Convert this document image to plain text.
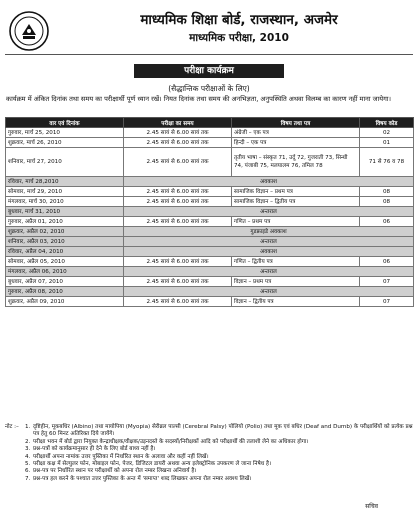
माध्यमिक शिक्षा बोर्ड, राजस्थान, अजमेर
माध्यमिक परीक्षा, 2010
परीक्षा कार्यक्रम
(सैद्धान्तिक परीक्षाओं के लिए)
कार्यक्रम में अंकित दिनांक तथा समय का परीक्षार्थी पूर्ण ध्यान रखें। नियत दिनांक तथा समय की अनभिज्ञता, अनुपस्थिति अथवा विलम्ब का कारण नहीं माना जायेगा।
वार एवं दिनांक	परीक्षा का समय	विषय तथा पत्र	विषय कोड
गुरुवार, मार्च 25, 2010	2.45 सायं से 6.00 सायं तक	अंग्रेजी – एक पत्र	02
शुक्रवार, मार्च 26, 2010	2.45 सायं से 6.00 सायं तक	हिन्दी – एक पत्र	01
शनिवार, मार्च 27, 2010	2.45 सायं से 6.00 सायं तक	तृतीय भाषा – संस्कृत 71, उर्दू 72, गुजराती 73, सिन्धी 74, पंजाबी 75, मलयालम 76, तमिल 78	71 से 76 व 78
रविवार, मार्च 28,2010	अवकाश		
सोमवार, मार्च 29, 2010	2.45 सायं से 6.00 सायं तक	सामाजिक विज्ञान – प्रथम पत्र	08
मंगलवार, मार्च 30, 2010	2.45 सायं से 6.00 सायं तक	सामाजिक विज्ञान – द्वितीय पत्र	08
बुधवार, मार्च 31, 2010	अन्तराल		
गुरुवार, अप्रैल 01, 2010	2.45 सायं से 6.00 सायं तक	गणित – प्रथम पत्र	06
शुक्रवार, अप्रैल 02, 2010	गुडफ्राइडे अवकाश		
शनिवार, अप्रैल 03, 2010	अन्तराल		
रविवार, अप्रैल 04, 2010	अवकाश		
सोमवार, अप्रैल 05, 2010	2.45 सायं से 6.00 सायं तक	गणित – द्वितीय पत्र	06
मंगलवार, अप्रैल 06, 2010	अन्तराल		
बुधवार, अप्रैल 07, 2010	2.45 सायं से 6.00 सायं तक	विज्ञान – प्रथम पत्र	07
गुरुवार, अप्रैल 08, 2010	अन्तराल		
शुक्रवार, अप्रैल 09, 2010	2.45 सायं से 6.00 सायं तक	विज्ञान – द्वितीय पत्र	07
नोट :–	1. दृष्टिहीन, मूकबधिर (Albino) तथा मायोपिया (Myopia) सेरीब्रल पाल्सी (Cerebral Palsy) पोलियो (Polio) तथा मूक एवं बधिर (Deaf and Dumb) के परीक्षार्थियों को प्रत्येक प्रश्न पत्र हेतु 60 मिनट अतिरिक्त दिये जायेंगे।
2. परीक्षा भवन में बोर्ड द्वारा नियुक्त केन्द्राधीक्षक/वीक्षक/उड़नदस्ते के सदस्यों/निरीक्षकों आदि को परीक्षार्थी की तलाशी लेने का अधिकार होगा।
3. प्रश्न-पत्रों को कार्यक्रमानुसार ही देने के लिए बोर्ड बाध्य नहीं है।
4. परीक्षार्थी अपना नामांक उत्तर पुस्तिका में निर्धारित स्थान के अलावा और कहीं नहीं लिखें।
5. परीक्षा कक्ष में सेल्युलर फोन, मोबाइल फोन, पेजर, डिजिटल डायरी अथवा अन्य इलेक्ट्रोनिक उपकरण ले जाना निषेध है।
6. प्रश्न-पत्र पर निर्धारित स्थान पर परीक्षार्थी को अपना रोल नम्बर लिखना अनिवार्य है।
7. प्रश्न-पत्र हल करने के पश्चात उत्तर पुस्तिका के अन्त में 'समाप्त' शब्द लिखकर अपना रोल नम्बर अवश्य लिखें।
सचिव
